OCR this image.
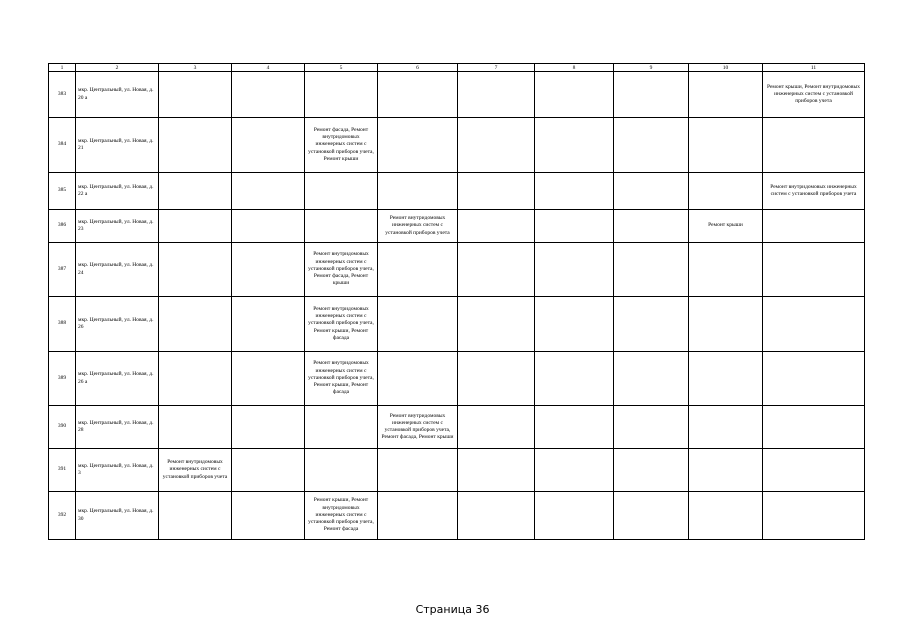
1	2	3	4	5	6	7	8	9	10	11
383	мкр. Центральный, ул. Новая, д. 20 а									Ремонт крыши, Ремонт внутридомовых инженерных систем с установкой приборов учета
384	мкр. Центральный, ул. Новая, д. 21			Ремонт фасада, Ремонт внутридомовых инженерных систем с установкой приборов учета, Ремонт крыши						
385	мкр. Центральный, ул. Новая, д. 22 а									Ремонт внутридомовых инженерных систем с установкой приборов учета
386	мкр. Центральный, ул. Новая, д. 23				Ремонт внутридомовых инженерных систем с установкой приборов учета				Ремонт крыши	
387	мкр. Центральный, ул. Новая, д. 24			Ремонт внутридомовых инженерных систем с установкой приборов учета, Ремонт фасада, Ремонт крыши						
388	мкр. Центральный, ул. Новая, д. 26			Ремонт внутридомовых инженерных систем с установкой приборов учета, Ремонт крыши, Ремонт фасада						
389	мкр. Центральный, ул. Новая, д. 26 а			Ремонт внутридомовых инженерных систем с установкой приборов учета, Ремонт крыши, Ремонт фасада						
390	мкр. Центральный, ул. Новая, д. 28				Ремонт внутридомовых инженерных систем с установкой приборов учета, Ремонт фасада, Ремонт крыши					
391	мкр. Центральный, ул. Новая, д. 3	Ремонт внутридомовых инженерных систем с установкой приборов учета								
392	мкр. Центральный, ул. Новая, д. 30			Ремонт крыши, Ремонт внутридомовых инженерных систем с установкой приборов учета, Ремонт фасада						
Страница 36
